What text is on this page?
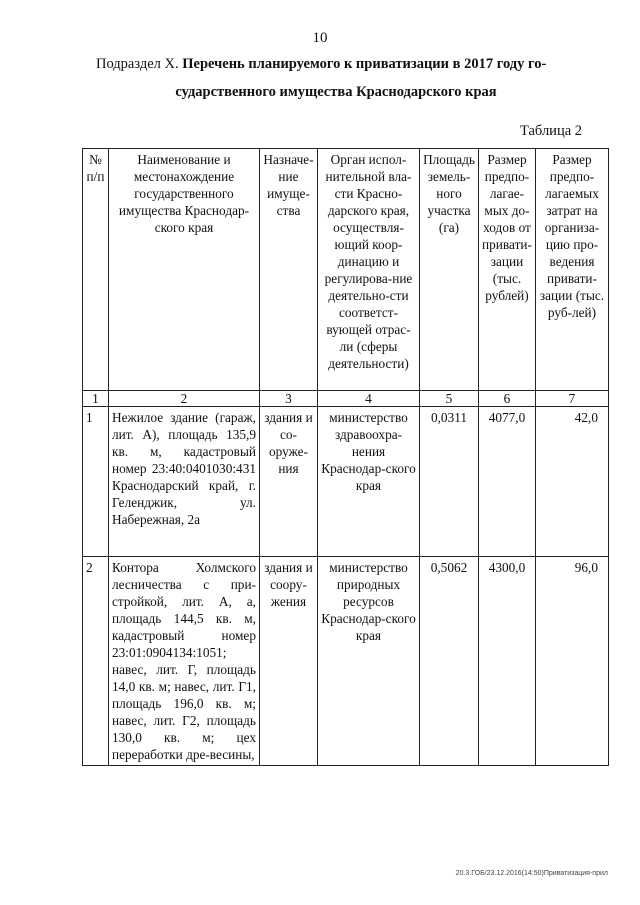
10
Подраздел X. Перечень планируемого к приватизации в 2017 году го-
сударственного имущества Краснодарского края
Таблица 2
№ п/п	Наименование и местонахождение государственного имущества Краснодар-ского края	Назначе-ние имуще-ства	Орган испол-нительной вла-сти Красно-дарского края, осуществля-ющий коор-динацию и регулирова-ние деятельно-сти соответст-вующей отрас-ли (сферы деятельности)	Площадь земель-ного участка (га)	Размер предпо-лагае-мых до-ходов от привати-зации (тыс. рублей)	Размер предпо-лагаемых затрат на организа-цию про-ведения привати-зации (тыс. руб-лей)
1	2	3	4	5	6	7
1	Нежилое здание (гараж, лит. А), площадь 135,9 кв. м, кадастровый номер 23:40:0401030:431 Краснодарский край, г. Геленджик, ул. Набережная, 2а	здания и со-оруже-ния	министерство здравоохра-нения Краснодар-ского края	0,0311	4077,0	42,0
2	Контора Холмского лесничества с при-стройкой, лит. А, а, площадь 144,5 кв. м, кадастровый номер 23:01:0904134:1051; навес, лит. Г, площадь 14,0 кв. м; навес, лит. Г1, площадь 196,0 кв. м; навес, лит. Г2, площадь 130,0 кв. м; цех переработки дре-весины,	здания и соору-жения	министерство природных ресурсов Краснодар-ского края	0,5062	4300,0	96,0
20.3.ГОБ/23.12.2016(14:50)Приватизация-прил
